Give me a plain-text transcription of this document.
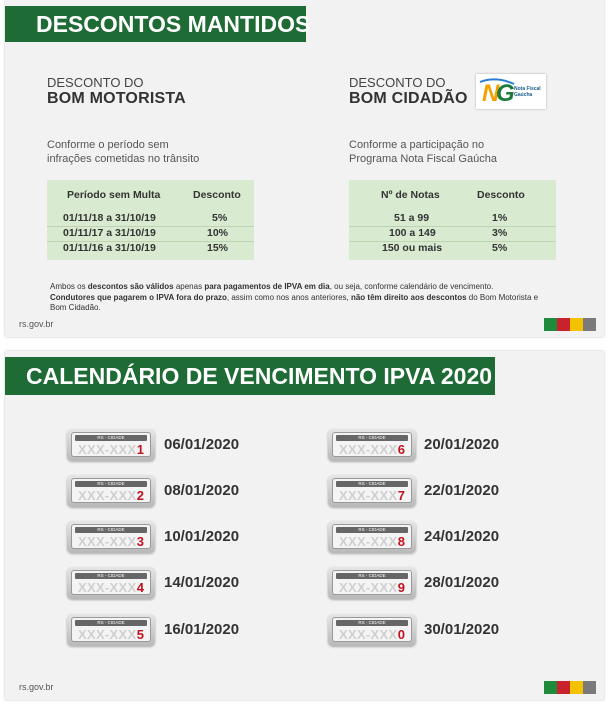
DESCONTOS MANTIDOS
DESCONTO DO
BOM MOTORISTA
Conforme o período sem
infrações cometidas no trânsito
Período sem Multa	Desconto
01/11/18 a 31/10/19	5%
01/11/17 a 31/10/19	10%
01/11/16 a 31/10/19	15%
DESCONTO DO
BOM CIDADÃO N
G Nota Fiscal Gaúcha
Conforme a participação no
Programa Nota Fiscal Gaúcha
Nº de Notas	Desconto
51 a 99	1%
100 a 149	3%
150 ou mais	5%
Ambos os descontos são válidos apenas para pagamentos de IPVA em dia, ou seja, conforme calendário de vencimento.
Condutores que pagarem o IPVA fora do prazo, assim como nos anos anteriores, não têm direito aos descontos do Bom Motorista e Bom Cidadão.
rs.gov.br
CALENDÁRIO DE VENCIMENTO IPVA 2020
RS - CIDADE
XXX-XXX 1 06/01/2020
RS - CIDADE
XXX-XXX 2 08/01/2020
RS - CIDADE
XXX-XXX 3 10/01/2020
RS - CIDADE
XXX-XXX 4 14/01/2020
RS - CIDADE
XXX-XXX 5 16/01/2020
RS - CIDADE
XXX-XXX 6 20/01/2020
RS - CIDADE
XXX-XXX 7 22/01/2020
RS - CIDADE
XXX-XXX 8 24/01/2020
RS - CIDADE
XXX-XXX 9 28/01/2020
RS - CIDADE
XXX-XXX 0 30/01/2020
rs.gov.br
